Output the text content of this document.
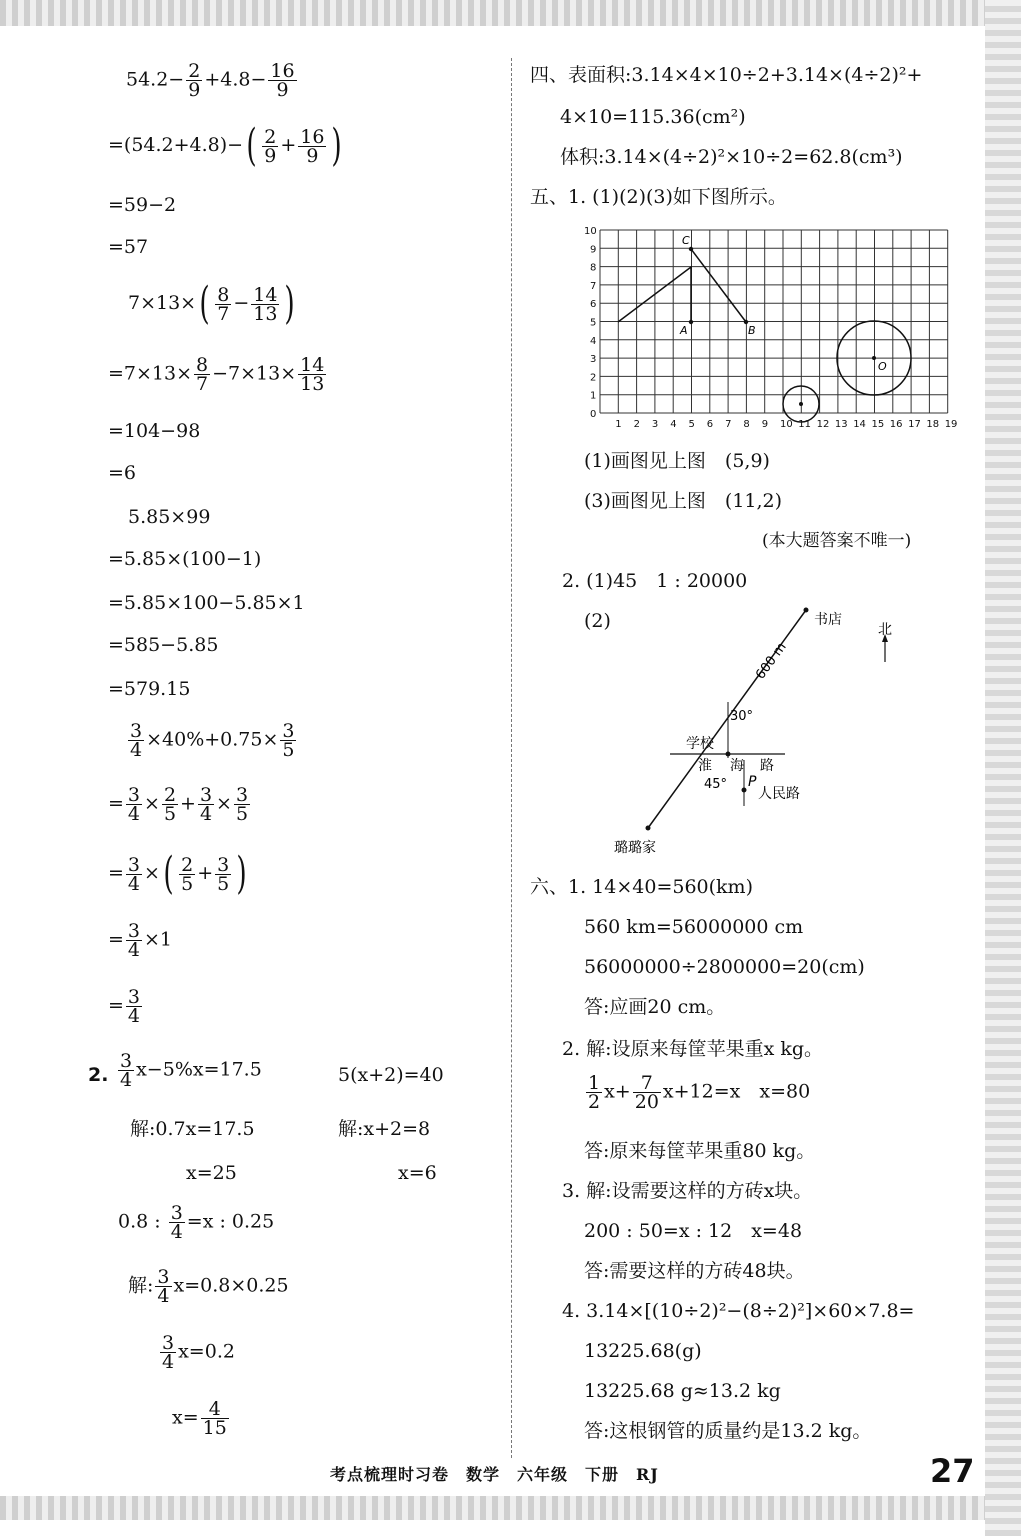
$54.2- \frac{2}{9} +4.8- \frac{16}{9}$
$=(54.2+4.8)-( \frac{2}{9} + \frac{16}{9}$ )
=59−2
=57
$7\times 13\times( \frac{8}{7} - \frac{14}{13}$ )
$=7\times 13\times \frac{8}{7} -7\times 13\times \frac{14}{13}$
=104−98
=6
5.85×99
=5.85×(100−1)
=5.85×100−5.85×1
=585−5.85
=579.15
$\frac{3}{4} \times 40\%+0.75\times \frac{3}{5}$
= $\frac{3}{4} \times \frac{2}{5} + \frac{3}{4} \times \frac{3}{5}$
= $\frac{3}{4}$ ×( $\frac{2}{5} + \frac{3}{5}$ )
= $\frac{3}{4} \times 1$
= $\frac{3}{4}$
2. $\frac{3}{4} x-5\%x=17.5$	5(x+2)=40
解:0.7x=17.5	解:x+2=8
x=25	x=6
0.8 : $\frac{3}{4} =x$ : 0.25
解: $\frac{3}{4} x=0.8\times 0.25$
$\frac{3}{4} x=0.2$
$x= \frac{4}{15}$
四、表面积:3.14×4×10÷2+3.14×(4÷2)²+
4×10=115.36(cm²)
体积:3.14×(4÷2)²×10÷2=62.8(cm³)
五、1. (1)(2)(3)如下图所示。
1 2 3 4 5 6 7 8 9 10 11 12 13 14 15 16 17 18 19
0
1
2
3
4
5
6
7
8
9
10
C
A	B
O
(1)画图见上图　(5,9)
(3)画图见上图　(11,2)
(本大题答案不唯一)
2. (1)45　1 : 20000
(2)	书店
600 m
北
30°
学校
淮 海 路
45° P
人民路
璐璐家
六、1. 14×40=560(km)
560 km=56000000 cm
56000000÷2800000=20(cm)
答:应画20 cm。
2. 解:设原来每筐苹果重x kg。
$\frac{1}{2} x+ \frac{7}{20} x+12=x$　x=80
答:原来每筐苹果重80 kg。
3. 解:设需要这样的方砖x块。
200 : 50=x : 12　x=48
答:需要这样的方砖48块。
4. 3.14×[(10÷2)²−(8÷2)²]×60×7.8=
13225.68(g)
13225.68 g≈13.2 kg
答:这根钢管的质量约是13.2 kg。
考点梳理时习卷　数学　六年级　下册　RJ	27
